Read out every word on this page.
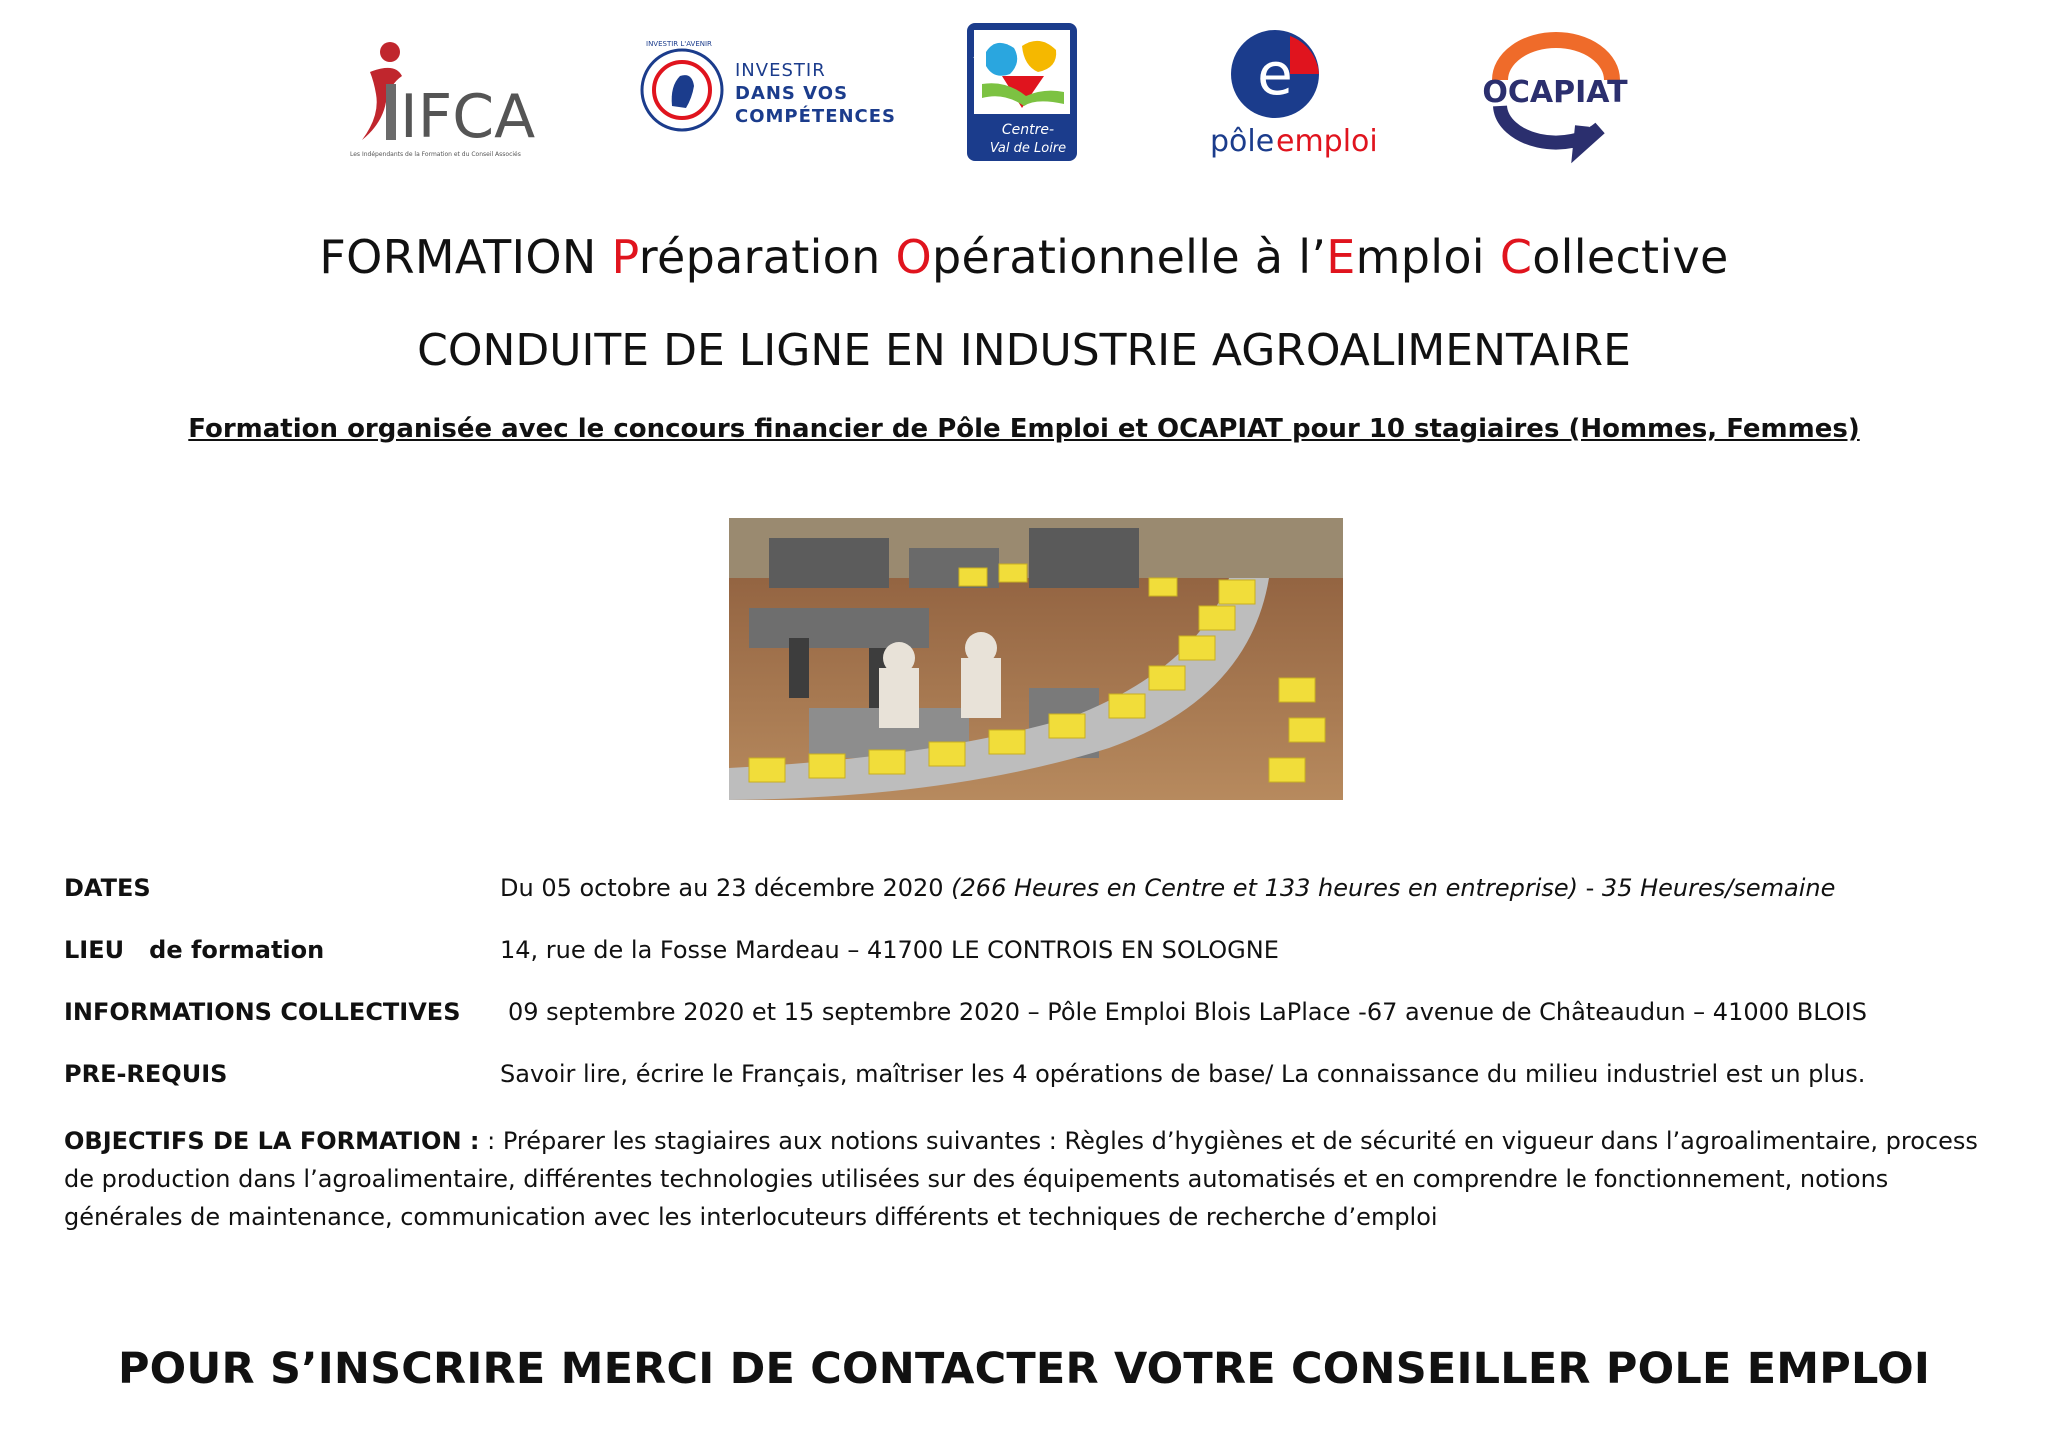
IFCA
Les Indépendants de la Formation et du Conseil Associés
INVESTIR L'AVENIR
INVESTIR
DANS VOS
COMPÉTENCES
Région
Centre-
Val de Loire
e
pôle emploi
OCAPIAT
FORMATION Préparation Opérationnelle à l’Emploi Collective
CONDUITE DE LIGNE EN INDUSTRIE AGROALIMENTAIRE
Formation organisée avec le concours financier de Pôle Emploi et OCAPIAT pour 10 stagiaires (Hommes, Femmes)
DATES	Du 05 octobre au 23 décembre 2020 (266 Heures en Centre et 133 heures en entreprise) - 35 Heures/semaine
LIEU   de formation	14, rue de la Fosse Mardeau – 41700 LE CONTROIS EN SOLOGNE
INFORMATIONS COLLECTIVES 09 septembre 2020 et 15 septembre 2020 – Pôle Emploi Blois LaPlace -67 avenue de Châteaudun – 41000 BLOIS
PRE-REQUIS	Savoir lire, écrire le Français, maîtriser les 4 opérations de base/ La connaissance du milieu industriel est un plus.
OBJECTIFS DE LA FORMATION : : Préparer les stagiaires aux notions suivantes : Règles d’hygiènes et de sécurité en vigueur dans l’agroalimentaire, process de production dans l’agroalimentaire, différentes technologies utilisées sur des équipements automatisés et en comprendre le fonctionnement, notions générales de maintenance, communication avec les interlocuteurs différents et techniques de recherche d’emploi
POUR S’INSCRIRE MERCI DE CONTACTER VOTRE CONSEILLER POLE EMPLOI
